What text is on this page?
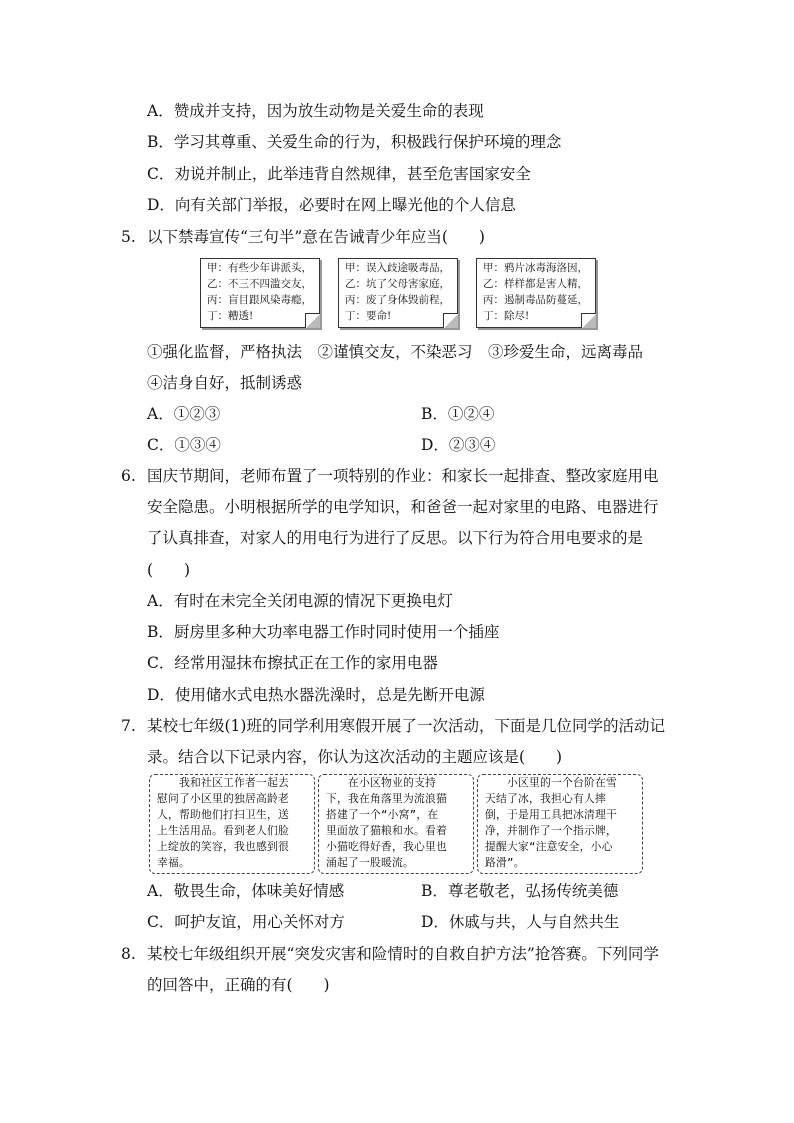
A．赞成并支持，因为放生动物是关爱生命的表现
B．学习其尊重、关爱生命的行为，积极践行保护环境的理念
C．劝说并制止，此举违背自然规律，甚至危害国家安全
D．向有关部门举报，必要时在网上曝光他的个人信息
5. 以下禁毒宣传“三句半”意在告诫青少年应当(　　)
甲：有些少年讲派头，
乙：不三不四滥交友，
丙：盲目跟风染毒瘾，
丁：糟透!
甲：误入歧途吸毒品，
乙：坑了父母害家庭，
丙：废了身体毁前程，
丁：要命!
甲：鸦片冰毒海洛因，
乙：样样都是害人精，
丙：遏制毒品防蔓延，
丁：除尽!
①强化监督，严格执法　②谨慎交友，不染恶习　③珍爱生命，远离毒品
④洁身自好，抵制诱惑
A．①②③	B．①②④
C．①③④	D．②③④
6. 国庆节期间，老师布置了一项特别的作业：和家长一起排查、整改家庭用电
安全隐患。小明根据所学的电学知识，和爸爸一起对家里的电路、电器进行
了认真排查，对家人的用电行为进行了反思。以下行为符合用电要求的是
(　　)
A．有时在未完全关闭电源的情况下更换电灯
B．厨房里多种大功率电器工作时同时使用一个插座
C．经常用湿抹布擦拭正在工作的家用电器
D．使用储水式电热水器洗澡时，总是先断开电源
7. 某校七年级(1)班的同学利用寒假开展了一次活动，下面是几位同学的活动记
录。结合以下记录内容，你认为这次活动的主题应该是(　　)
　　我和社区工作者一起去
慰问了小区里的独居高龄老
人，帮助他们打扫卫生，送
上生活用品。看到老人们脸
上绽放的笑容，我也感到很
幸福。
　　在小区物业的支持
下，我在角落里为流浪猫
搭建了一个“小窝”，在
里面放了猫粮和水。看着
小猫吃得好香，我心里也
涌起了一股暖流。
　　小区里的一个台阶在雪
天结了冰，我担心有人摔
倒，于是用工具把冰清理干
净，并制作了一个指示牌，
提醒大家“注意安全，小心
路滑”。
A．敬畏生命，体味美好情感	B．尊老敬老，弘扬传统美德
C．呵护友谊，用心关怀对方	D．休戚与共，人与自然共生
8. 某校七年级组织开展“突发灾害和险情时的自救自护方法”抢答赛。下列同学
的回答中，正确的有(　　)
